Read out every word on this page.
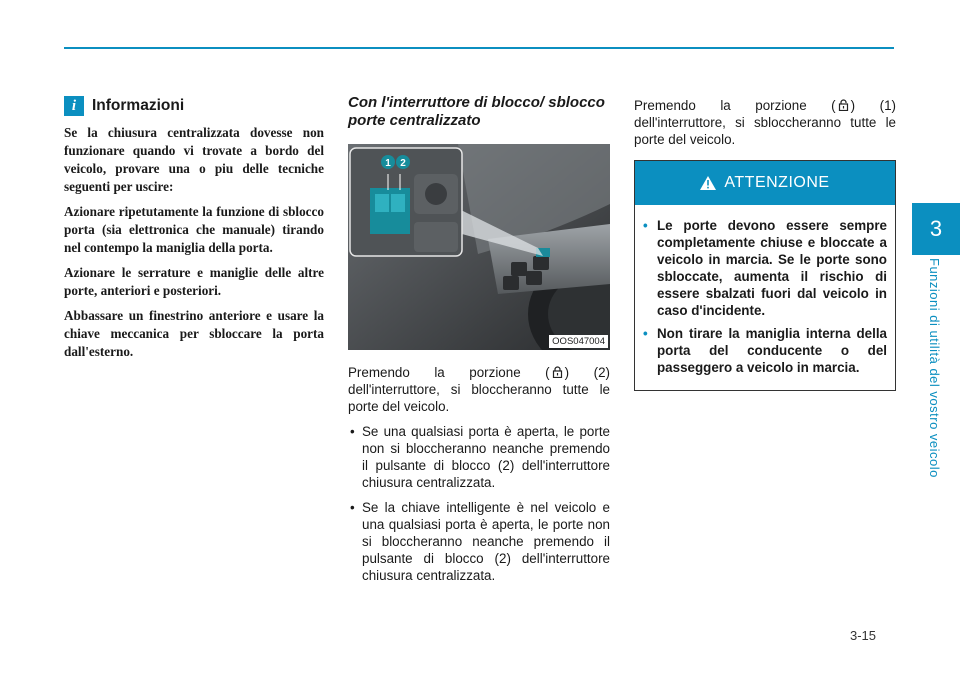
3
Funzioni di utilità del vostro veicolo
i	Informazioni

Se la chiusura centralizzata dovesse non funzionare quando vi trovate a bordo del veicolo, provare una o piu delle tecniche seguenti per uscire:

Azionare ripetutamente la funzione di sblocco porta (sia elettronica che manuale) tirando nel contempo la maniglia della porta.

Azionare le serrature e maniglie delle altre porte, anteriori e posteriori.

Abbassare un finestrino anteriore e usare la chiave meccanica per sbloccare la porta dall'esterno.

Con l'interruttore di blocco/ sblocco porte centralizzato
1 2
OOS047004

Premendo la porzione ( ) (2) dell'interruttore, si bloccheranno tutte le porte del veicolo.

• Se una qualsiasi porta è aperta, le porte non si bloccheranno neanche premendo il pulsante di blocco (2) dell'interruttore chiusura centralizzata.
• Se la chiave intelligente è nel veicolo e una qualsiasi porta è aperta, le porte non si bloccheranno neanche premendo il pulsante di blocco (2) dell'interruttore chiusura centralizzata.

Premendo la porzione ( ) (1) dell'interruttore, si sbloccheranno tutte le porte del veicolo.

ATTENZIONE
• Le porte devono essere sempre completamente chiuse e bloccate a veicolo in marcia. Se le porte sono sbloccate, aumenta il rischio di essere sbalzati fuori dal veicolo in caso d'incidente.
• Non tirare la maniglia interna della porta del conducente o del passeggero a veicolo in marcia.
3-15
